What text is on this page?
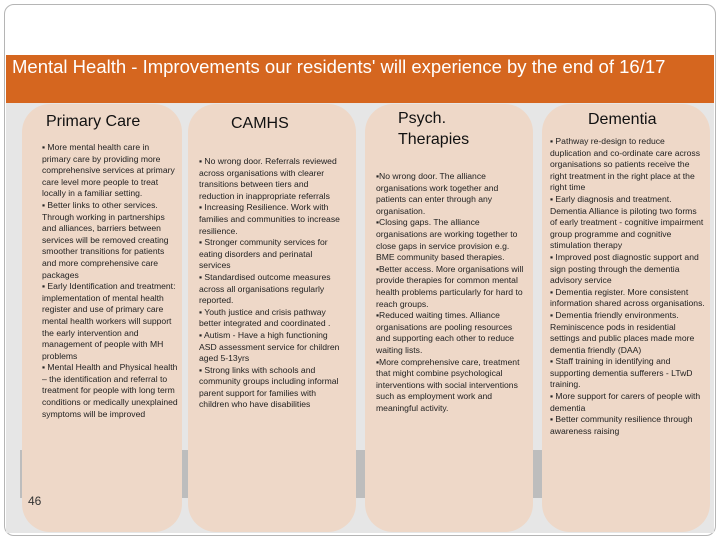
Mental Health - Improvements our residents' will experience by the end of 16/17
Primary Care

▪ More mental health care in primary care by providing more comprehensive services at primary care level more people to treat locally in a familiar setting.

▪ Better links to other services. Through working in partnerships and alliances, barriers between services will be removed creating smoother transitions for patients and more comprehensive care packages

▪ Early Identification and treatment: implementation of mental health register and use of primary care mental health workers will support the early intervention and management of people with MH problems

▪ Mental Health and Physical health – the identification and referral to treatment for people with long term conditions or medically unexplained symptoms will be improved

CAMHS

▪ No wrong door. Referrals reviewed across organisations with clearer transitions between tiers and reduction in inappropriate referrals

▪ Increasing Resilience. Work with families and communities to increase resilience.

▪ Stronger community services for eating disorders and perinatal services

▪ Standardised outcome measures across all organisations regularly reported.

▪ Youth justice and crisis pathway better integrated and coordinated .

▪ Autism - Have a high functioning ASD assessment service for children aged 5-13yrs

▪ Strong links with schools and community groups including informal parent support for families with children who have disabilities

Psych. Therapies

▪No wrong door. The alliance organisations work together and patients can enter through any organisation.

▪Closing gaps. The alliance organisations are working together to close gaps in service provision e.g. BME community based therapies.

▪Better access. More organisations will provide therapies for common mental health problems particularly for hard to reach groups.

▪Reduced waiting times. Alliance organisations are pooling resources and supporting each other to reduce waiting lists.

▪More comprehensive care, treatment that might combine psychological interventions with social interventions such as employment work and meaningful activity.

Dementia

▪ Pathway re-design to reduce duplication and co-ordinate care across organisations so patients receive the right treatment in the right place at the right time

▪ Early diagnosis and treatment. Dementia Alliance is piloting two forms of early treatment - cognitive impairment group programme and cognitive stimulation therapy

▪ Improved post diagnostic support and sign posting through the dementia advisory service

▪ Dementia register. More consistent information shared across organisations.

▪ Dementia friendly environments. Reminiscence pods in residential settings and public places made more dementia friendly (DAA)

▪ Staff training in identifying and supporting dementia sufferers - LTwD training.

▪ More support for carers of people with dementia

▪ Better community resilience through awareness raising

46
